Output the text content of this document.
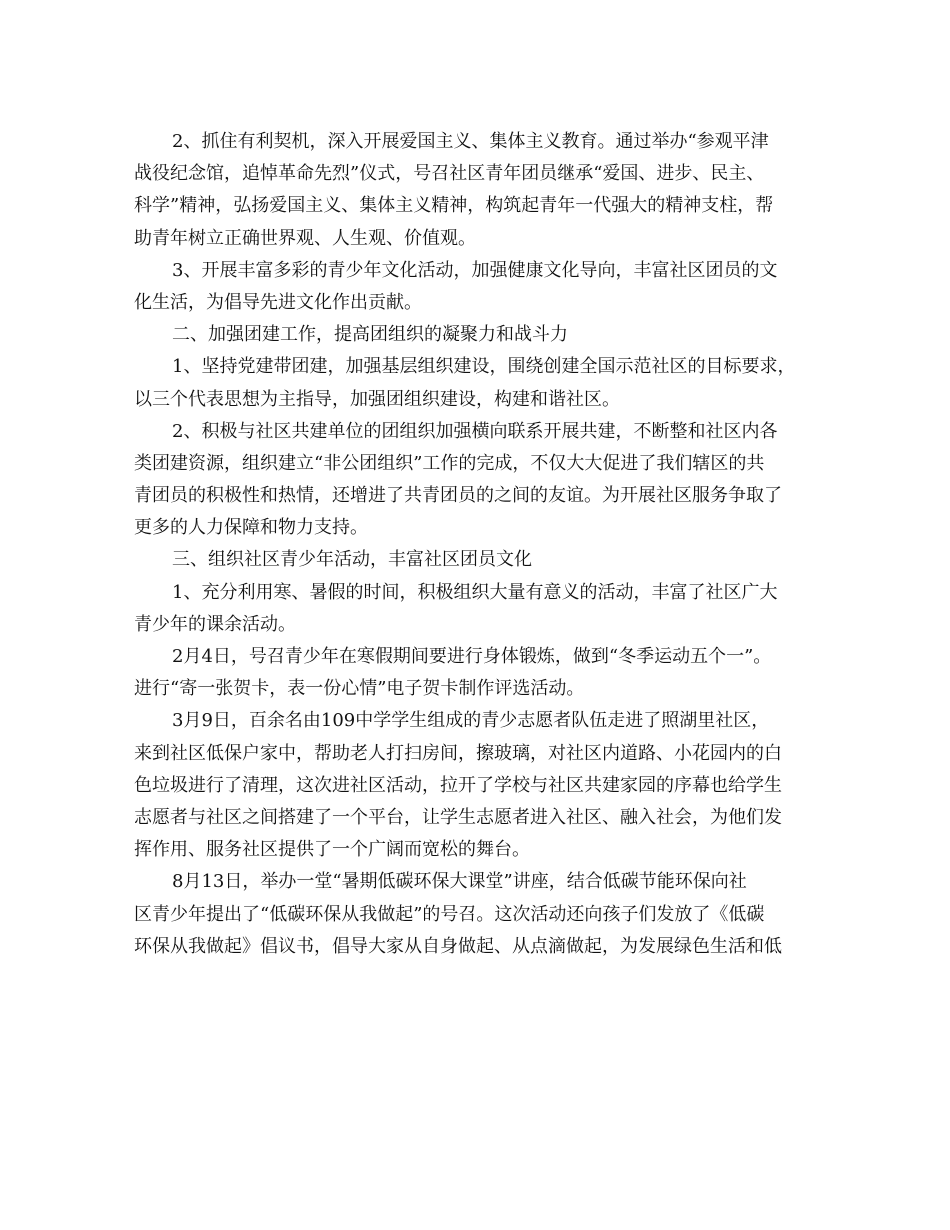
2、抓住有利契机，深入开展爱国主义、集体主义教育。通过举办“参观平津
战役纪念馆，追悼革命先烈”仪式，号召社区青年团员继承“爱国、进步、民主、
科学”精神，弘扬爱国主义、集体主义精神，构筑起青年一代强大的精神支柱，帮
助青年树立正确世界观、人生观、价值观。
3、开展丰富多彩的青少年文化活动，加强健康文化导向，丰富社区团员的文
化生活，为倡导先进文化作出贡献。
二、加强团建工作，提高团组织的凝聚力和战斗力
1、坚持党建带团建，加强基层组织建设，围绕创建全国示范社区的目标要求，
以三个代表思想为主指导，加强团组织建设，构建和谐社区。
2、积极与社区共建单位的团组织加强横向联系开展共建，不断整和社区内各
类团建资源，组织建立“非公团组织”工作的完成，不仅大大促进了我们辖区的共
青团员的积极性和热情，还增进了共青团员的之间的友谊。为开展社区服务争取了
更多的人力保障和物力支持。
三、组织社区青少年活动，丰富社区团员文化
1、充分利用寒、暑假的时间，积极组织大量有意义的活动，丰富了社区广大
青少年的课余活动。
2月4日，号召青少年在寒假期间要进行身体锻炼，做到“冬季运动五个一”。
进行“寄一张贺卡，表一份心情”电子贺卡制作评选活动。
3月9日，百余名由109中学学生组成的青少志愿者队伍走进了照湖里社区，
来到社区低保户家中，帮助老人打扫房间，擦玻璃，对社区内道路、小花园内的白
色垃圾进行了清理，这次进社区活动，拉开了学校与社区共建家园的序幕也给学生
志愿者与社区之间搭建了一个平台，让学生志愿者进入社区、融入社会，为他们发
挥作用、服务社区提供了一个广阔而宽松的舞台。
8月13日，举办一堂“暑期低碳环保大课堂”讲座，结合低碳节能环保向社
区青少年提出了“低碳环保从我做起”的号召。这次活动还向孩子们发放了《低碳
环保从我做起》倡议书，倡导大家从自身做起、从点滴做起，为发展绿色生活和低
